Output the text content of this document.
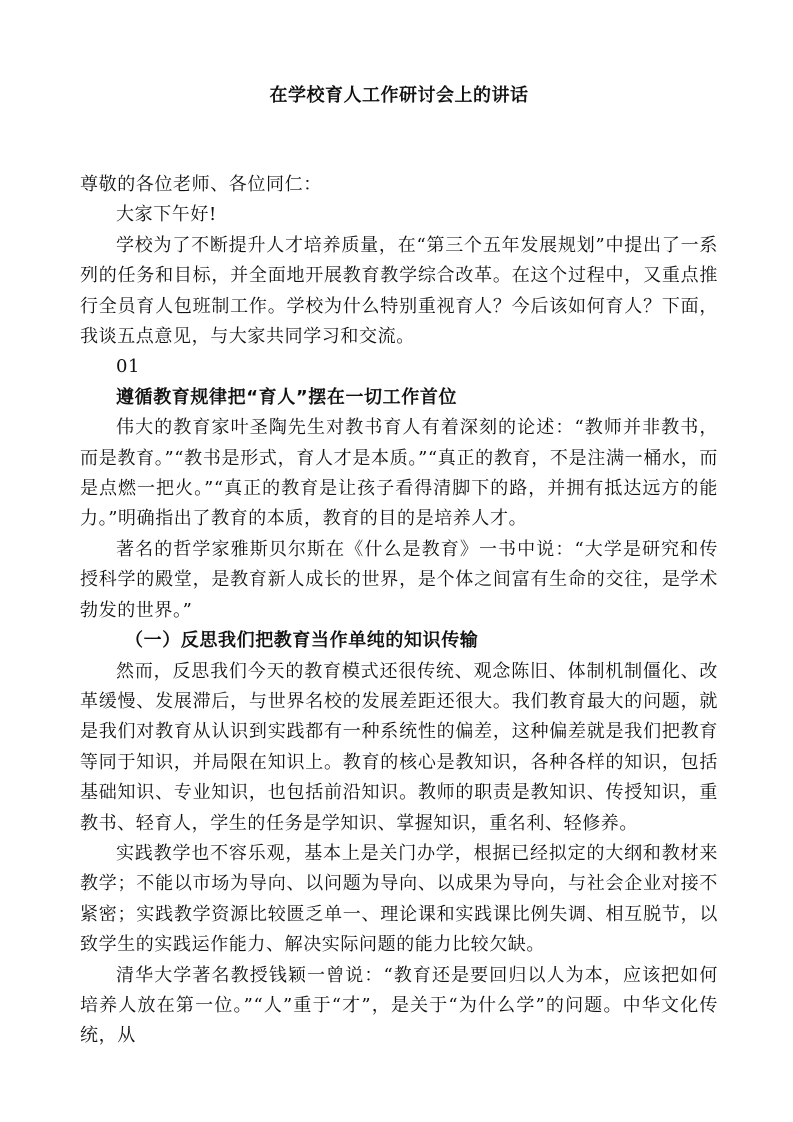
在学校育人工作研讨会上的讲话

尊敬的各位老师、各位同仁：

大家下午好!

学校为了不断提升人才培养质量，在“第三个五年发展规划”中提出了一系列的任务和目标，并全面地开展教育教学综合改革。在这个过程中，又重点推行全员育人包班制工作。学校为什么特别重视育人？今后该如何育人？下面，我谈五点意见，与大家共同学习和交流。

01

遵循教育规律把“育人”摆在一切工作首位

伟大的教育家叶圣陶先生对教书育人有着深刻的论述：“教师并非教书，而是教育。”“教书是形式，育人才是本质。”“真正的教育，不是注满一桶水，而是点燃一把火。”“真正的教育是让孩子看得清脚下的路，并拥有抵达远方的能力。”明确指出了教育的本质，教育的目的是培养人才。

著名的哲学家雅斯贝尔斯在《什么是教育》一书中说：“大学是研究和传授科学的殿堂，是教育新人成长的世界，是个体之间富有生命的交往，是学术勃发的世界。”

（一）反思我们把教育当作单纯的知识传输

然而，反思我们今天的教育模式还很传统、观念陈旧、体制机制僵化、改革缓慢、发展滞后，与世界名校的发展差距还很大。我们教育最大的问题，就是我们对教育从认识到实践都有一种系统性的偏差，这种偏差就是我们把教育等同于知识，并局限在知识上。教育的核心是教知识，各种各样的知识，包括基础知识、专业知识，也包括前沿知识。教师的职责是教知识、传授知识，重教书、轻育人，学生的任务是学知识、掌握知识，重名利、轻修养。

实践教学也不容乐观，基本上是关门办学，根据已经拟定的大纲和教材来教学；不能以市场为导向、以问题为导向、以成果为导向，与社会企业对接不紧密；实践教学资源比较匮乏单一、理论课和实践课比例失调、相互脱节，以致学生的实践运作能力、解决实际问题的能力比较欠缺。

清华大学著名教授钱颖一曾说：“教育还是要回归以人为本，应该把如何培养人放在第一位。”“人”重于“才”，是关于“为什么学”的问题。中华文化传统，从
